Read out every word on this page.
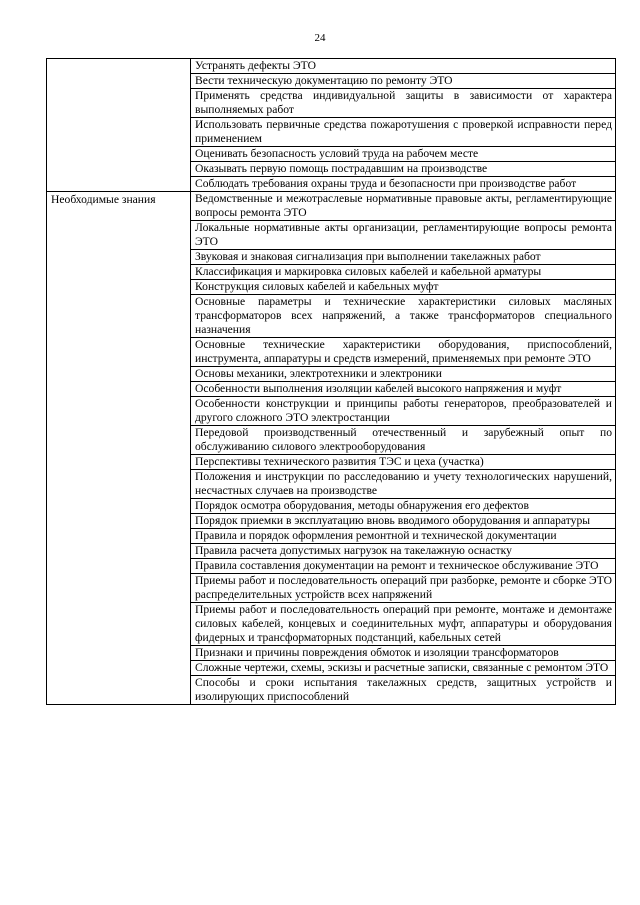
24
	Устранять дефекты ЭТО
	Вести техническую документацию по ремонту ЭТО
	Применять средства индивидуальной защиты в зависимости от характера выполняемых работ
	Использовать первичные средства пожаротушения с проверкой исправности перед применением
	Оценивать безопасность условий труда на рабочем месте
	Оказывать первую помощь пострадавшим на производстве
	Соблюдать требования охраны труда и безопасности при производстве работ
Необходимые знания	Ведомственные и межотраслевые нормативные правовые акты, регламентирующие вопросы ремонта ЭТО
	Локальные нормативные акты организации, регламентирующие вопросы ремонта ЭТО
	Звуковая и знаковая сигнализация при выполнении такелажных работ
	Классификация и маркировка силовых кабелей и кабельной арматуры
	Конструкция силовых кабелей и кабельных муфт
	Основные параметры и технические характеристики силовых масляных трансформаторов всех напряжений, а также трансформаторов специального назначения
	Основные технические характеристики оборудования, приспособлений, инструмента, аппаратуры и средств измерений, применяемых при ремонте ЭТО
	Основы механики, электротехники и электроники
	Особенности выполнения изоляции кабелей высокого напряжения и муфт
	Особенности конструкции и принципы работы генераторов, преобразователей и другого сложного ЭТО электростанции
	Передовой производственный отечественный и зарубежный опыт по обслуживанию силового электрооборудования
	Перспективы технического развития ТЭС и цеха (участка)
	Положения и инструкции по расследованию и учету технологических нарушений, несчастных случаев на производстве
	Порядок осмотра оборудования, методы обнаружения его дефектов
	Порядок приемки в эксплуатацию вновь вводимого оборудования и аппаратуры
	Правила и порядок оформления ремонтной и технической документации
	Правила расчета допустимых нагрузок на такелажную оснастку
	Правила составления документации на ремонт и техническое обслуживание ЭТО
	Приемы работ и последовательность операций при разборке, ремонте и сборке ЭТО распределительных устройств всех напряжений
	Приемы работ и последовательность операций при ремонте, монтаже и демонтаже силовых кабелей, концевых и соединительных муфт, аппаратуры и оборудования фидерных и трансформаторных подстанций, кабельных сетей
	Признаки и причины повреждения обмоток и изоляции трансформаторов
	Сложные чертежи, схемы, эскизы и расчетные записки, связанные с ремонтом ЭТО
	Способы и сроки испытания такелажных средств, защитных устройств и изолирующих приспособлений
